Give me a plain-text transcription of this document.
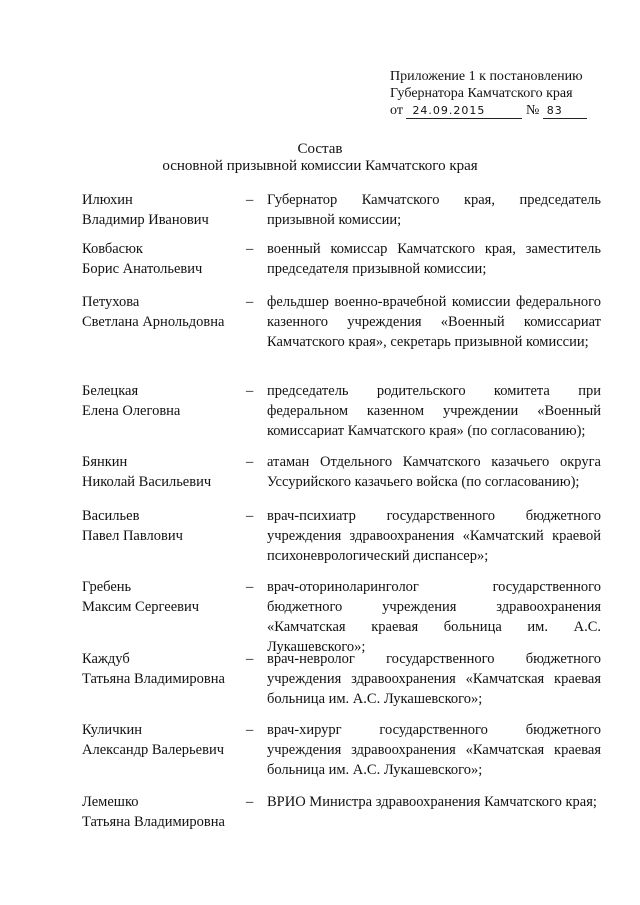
Приложение 1 к постановлению
Губернатора Камчатского края
от 24.09.2015	№ 83
Состав
основной призывной комиссии Камчатского края
Илюхин
Владимир Иванович
– Губернатор Камчатского края, председатель призывной комиссии;
Ковбасюк
Борис Анатольевич
– военный комиссар Камчатского края, заместитель председателя призывной комиссии;
Петухова
Светлана Арнольдовна
– фельдшер военно-врачебной комиссии федерального казенного учреждения «Военный комиссариат Камчатского края», секретарь призывной комиссии;
Белецкая
Елена Олеговна
– председатель родительского комитета при федеральном казенном учреждении «Военный комиссариат Камчатского края» (по согласованию);
Бянкин
Николай Васильевич
– атаман Отдельного Камчатского казачьего округа Уссурийского казачьего войска (по согласованию);
Васильев
Павел Павлович
– врач-психиатр государственного бюджетного учреждения здравоохранения «Камчатский краевой психоневрологический диспансер»;
Гребень
Максим Сергеевич
– врач-оториноларинголог государственного бюджетного учреждения здравоохранения «Камчатская краевая больница им. А.С. Лукашевского»;
Каждуб
Татьяна Владимировна
– врач-невролог государственного бюджетного учреждения здравоохранения «Камчатская краевая больница им. А.С. Лукашевского»;
Куличкин
Александр Валерьевич
– врач-хирург государственного бюджетного учреждения здравоохранения «Камчатская краевая больница им. А.С. Лукашевского»;
Лемешко
Татьяна Владимировна
– ВРИО Министра здравоохранения Камчатского края;
